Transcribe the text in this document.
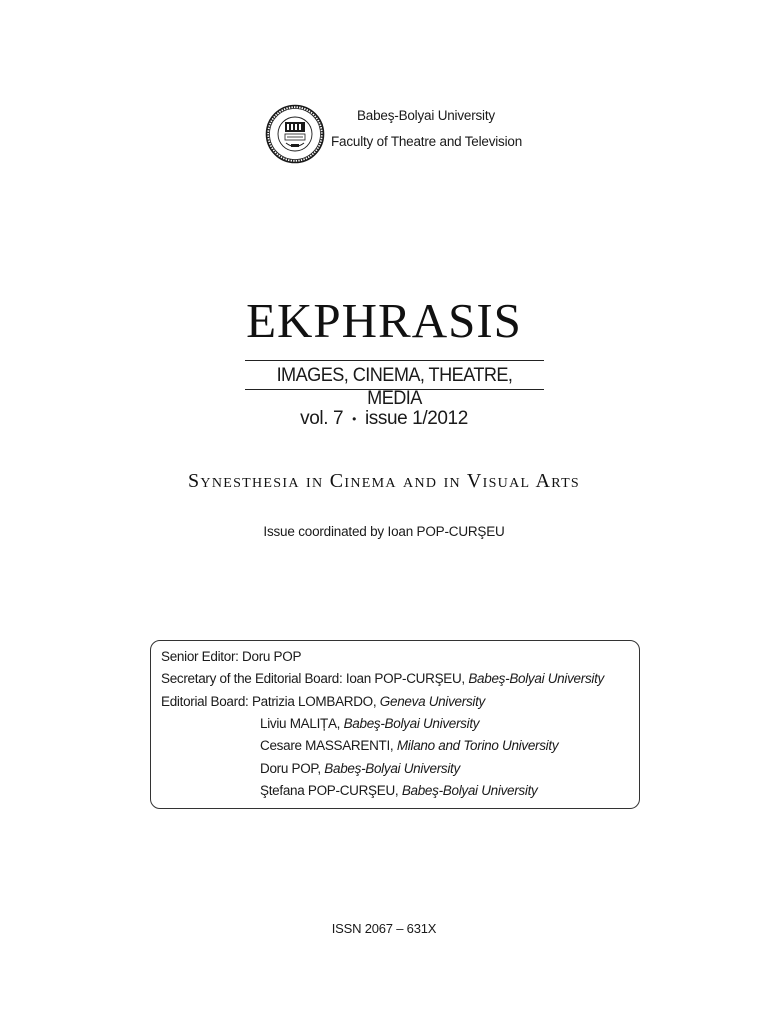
Babeş-Bolyai University
Faculty of Theatre and Television
EKPHRASIS
IMAGES, CINEMA, THEATRE, MEDIA
vol. 7 • issue 1/2012
Synesthesia in Cinema and in Visual Arts
Issue coordinated by Ioan POP-CURŞEU
Senior Editor: Doru POP
Secretary of the Editorial Board: Ioan POP-CURŞEU, Babeş-Bolyai University
Editorial Board: Patrizia LOMBARDO, Geneva University
Liviu MALIȚA, Babeş-Bolyai University
Cesare MASSARENTI, Milano and Torino University
Doru POP, Babeş-Bolyai University
Ştefana POP-CURŞEU, Babeş-Bolyai University
ISSN 2067 – 631X
